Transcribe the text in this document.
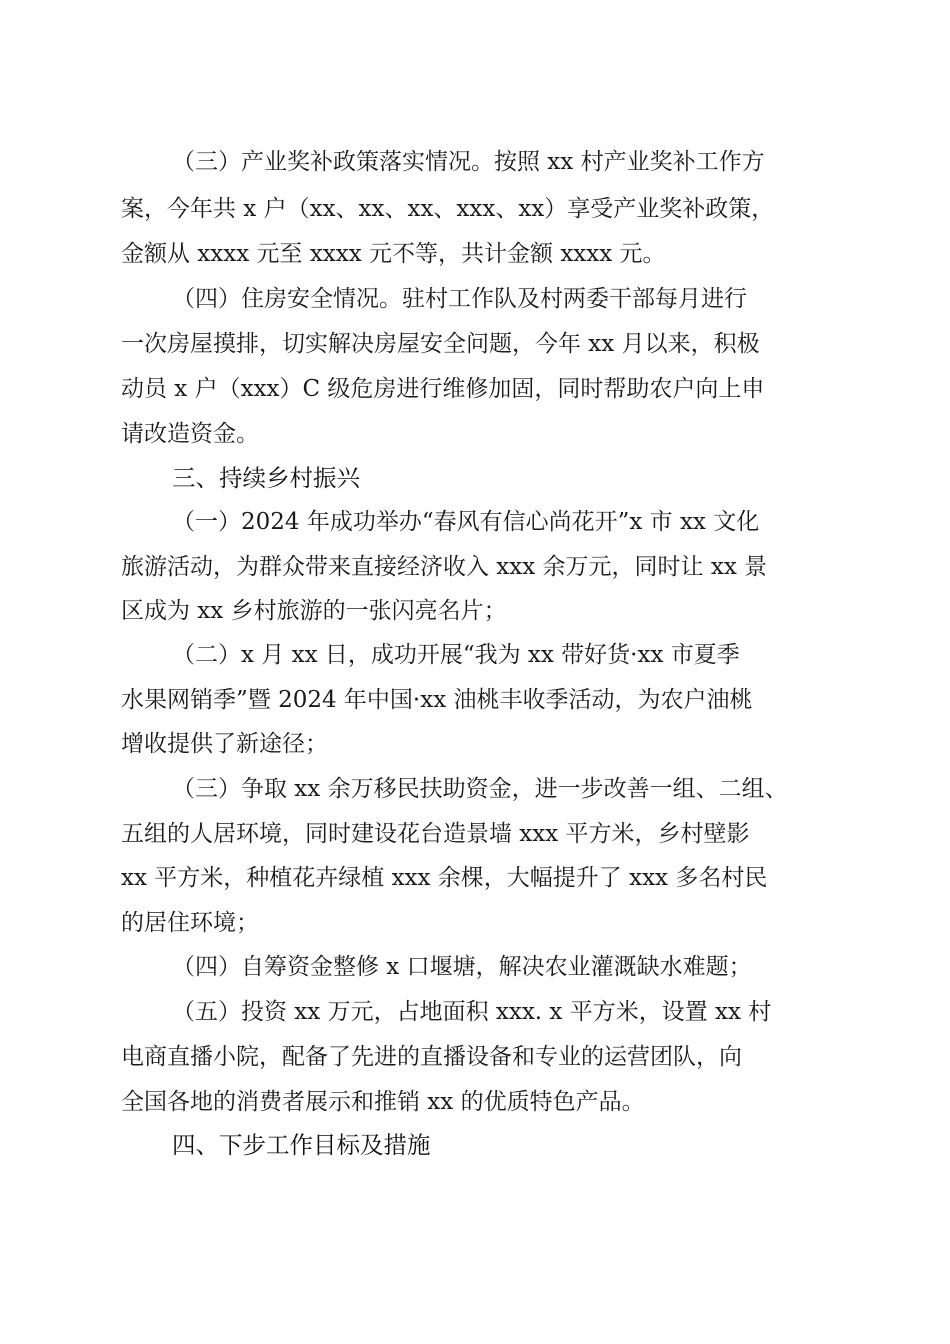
（三）产业奖补政策落实情况。按照 xx 村产业奖补工作方
案，今年共 x 户（xx、xx、xx、xxx、xx）享受产业奖补政策，
金额从 xxxx 元至 xxxx 元不等，共计金额 xxxx 元。
（四）住房安全情况。驻村工作队及村两委干部每月进行
一次房屋摸排，切实解决房屋安全问题，今年 xx 月以来，积极
动员 x 户（xxx）C 级危房进行维修加固，同时帮助农户向上申
请改造资金。
三、持续乡村振兴
（一）2024 年成功举办“春风有信心尚花开”x 市 xx 文化
旅游活动，为群众带来直接经济收入 xxx 余万元，同时让 xx 景
区成为 xx 乡村旅游的一张闪亮名片；
（二）x 月 xx 日，成功开展“我为 xx 带好货·xx 市夏季
水果网销季”暨 2024 年中国·xx 油桃丰收季活动，为农户油桃
增收提供了新途径；
（三）争取 xx 余万移民扶助资金，进一步改善一组、二组、
五组的人居环境，同时建设花台造景墙 xxx 平方米，乡村壁影
xx 平方米，种植花卉绿植 xxx 余棵，大幅提升了 xxx 多名村民
的居住环境；
（四）自筹资金整修 x 口堰塘，解决农业灌溉缺水难题；
（五）投资 xx 万元，占地面积 xxx. x 平方米，设置 xx 村
电商直播小院，配备了先进的直播设备和专业的运营团队，向
全国各地的消费者展示和推销 xx 的优质特色产品。
四、下步工作目标及措施
